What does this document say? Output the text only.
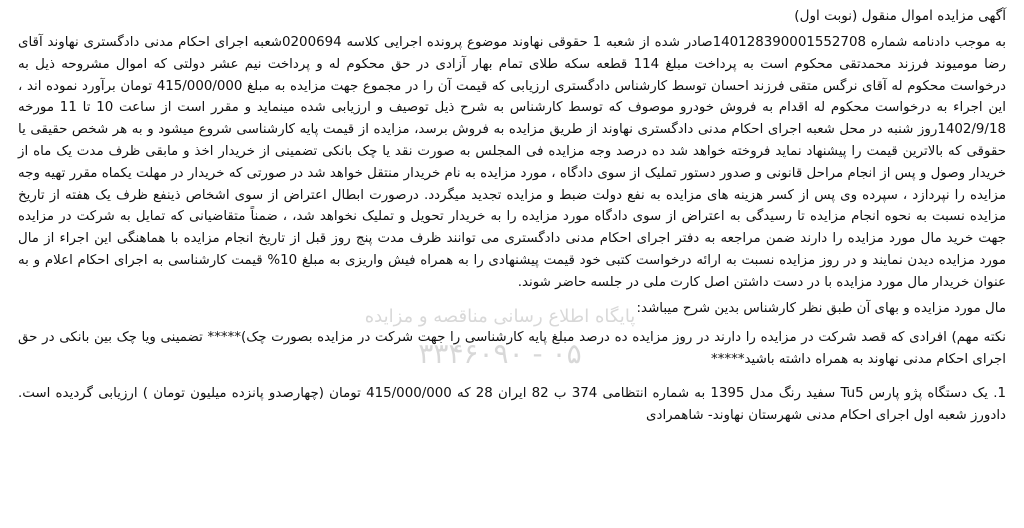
پایگاه اطلاع رسانی مناقصه و مزایده
۰۵ - ۳۳۴۶۰۹۰
آگهی مزایده اموال منقول (نوبت اول)

به موجب دادنامه شماره 140128390001552708صادر شده از شعبه 1 حقوقی نهاوند موضوع پرونده اجرایی کلاسه 0200694شعبه اجرای احکام مدنی دادگستری نهاوند آقای رضا مومیوند فرزند محمدتقی محکوم است به پرداخت مبلغ 114 قطعه سکه طلای تمام بهار آزادی در حق محکوم له و پرداخت نیم عشر دولتی که اموال مشروحه ذیل به درخواست محکوم له آقای نرگس متقی فرزند احسان توسط کارشناس دادگستری ارزیابی که قیمت آن را در مجموع جهت مزایده به مبلغ 415/000/000 تومان برآورد نموده اند ، این اجراء به درخواست محکوم له اقدام به فروش خودرو موصوف که توسط کارشناس به شرح ذیل توصیف و ارزیابی شده مینماید و مقرر است از ساعت 10 تا 11 مورخه 1402/9/18روز شنبه در محل شعبه اجرای احکام مدنی دادگستری نهاوند از طریق مزایده به فروش برسد، مزایده از قیمت پایه کارشناسی شروع میشود و به هر شخص حقیقی یا حقوقی که بالاترین قیمت را پیشنهاد نماید فروخته خواهد شد ده درصد وجه مزایده فی المجلس به صورت نقد یا چک بانکی تضمینی از خریدار اخذ و مابقی ظرف مدت یک ماه از خریدار وصول و پس از انجام مراحل قانونی و صدور دستور تملیک از سوی دادگاه ، مورد مزایده به نام خریدار منتقل خواهد شد در صورتی که خریدار در مهلت یکماه مقرر تهیه وجه مزایده را نپردازد ، سپرده وی پس از کسر هزینه های مزایده به نفع دولت ضبط و مزایده تجدید میگردد. درصورت ابطال اعتراض از سوی اشخاص ذینفع ظرف یک هفته از تاریخ مزایده نسبت به نحوه انجام مزایده تا رسیدگی به اعتراض از سوی دادگاه مورد مزایده را به خریدار تحویل و تملیک نخواهد شد، ، ضمناً متقاضیانی که تمایل به شرکت در مزایده جهت خرید مال مورد مزایده را دارند ضمن مراجعه به دفتر اجرای احکام مدنی دادگستری می توانند ظرف مدت پنج روز قبل از تاریخ انجام مزایده با هماهنگی این اجراء از مال مورد مزایده دیدن نمایند و در روز مزایده نسبت به ارائه درخواست کتبی خود قیمت پیشنهادی را به همراه فیش واریزی به مبلغ 10% قیمت کارشناسی به اجرای احکام اعلام و به عنوان خریدار مال مورد مزایده با در دست داشتن اصل کارت ملی در جلسه حاضر شوند.

مال مورد مزایده و بهای آن طبق نظر کارشناس بدین شرح میباشد:

نکته مهم) افرادی که قصد شرکت در مزایده را دارند در روز مزایده ده درصد مبلغ پایه کارشناسی را جهت شرکت در مزایده بصورت چک)***** تضمینی ویا چک بین بانکی در حق اجرای احکام مدنی نهاوند به همراه داشته باشید*****

1. یک دستگاه پژو پارس Tu5 سفید رنگ مدل 1395 به شماره انتظامی 374 ب 82 ایران 28 که 415/000/000 تومان (چهارصدو پانزده میلیون تومان ) ارزیابی گردیده است. دادورز شعبه اول اجرای احکام مدنی شهرستان نهاوند- شاهمرادی
